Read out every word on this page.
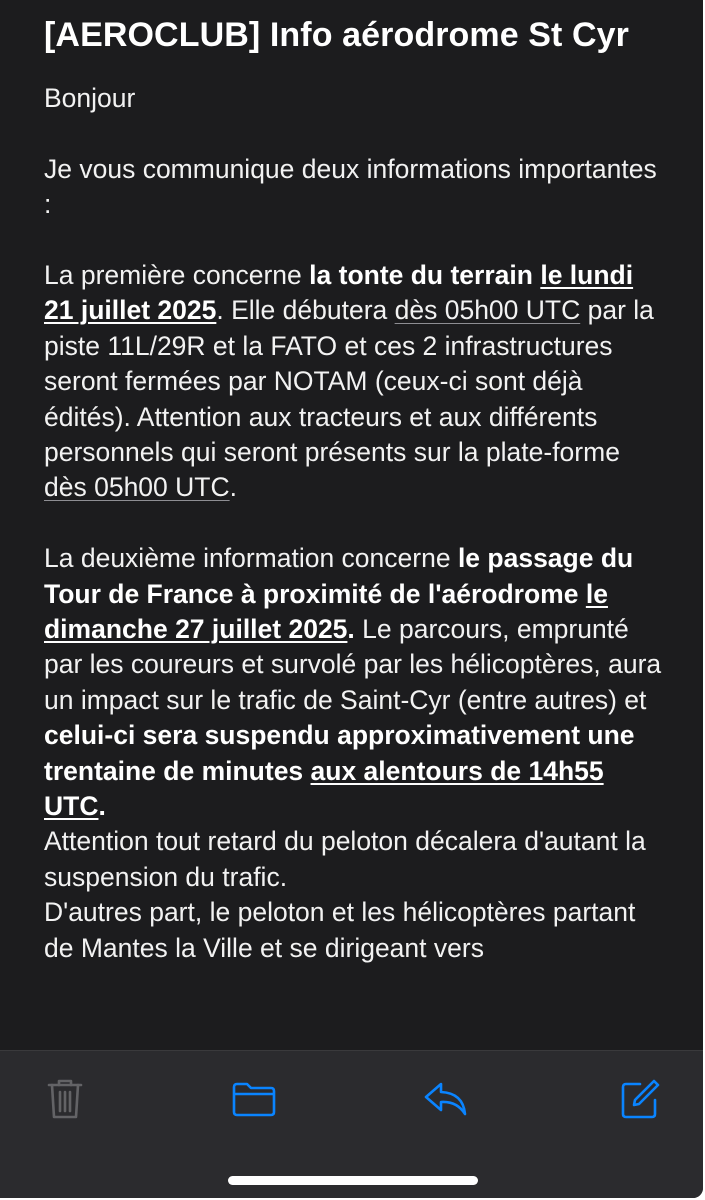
[AEROCLUB] Info aérodrome St Cyr

Bonjour

Je vous communique deux informations importantes :

La première concerne la tonte du terrain le lundi 21 juillet 2025. Elle débutera dès 05h00 UTC par la piste 11L/29R et la FATO et ces 2 infrastructures seront fermées par NOTAM (ceux-ci sont déjà édités). Attention aux tracteurs et aux différents personnels qui seront présents sur la plate-forme dès 05h00 UTC.

La deuxième information concerne le passage du Tour de France à proximité de l'aérodrome le dimanche 27 juillet 2025. Le parcours, emprunté par les coureurs et survolé par les hélicoptères, aura un impact sur le trafic de Saint-Cyr (entre autres) et celui-ci sera suspendu approximativement une trentaine de minutes aux alentours de 14h55 UTC.

Attention tout retard du peloton décalera d'autant la suspension du trafic.

D'autres part, le peloton et les hélicoptères partant de Mantes la Ville et se dirigeant vers
